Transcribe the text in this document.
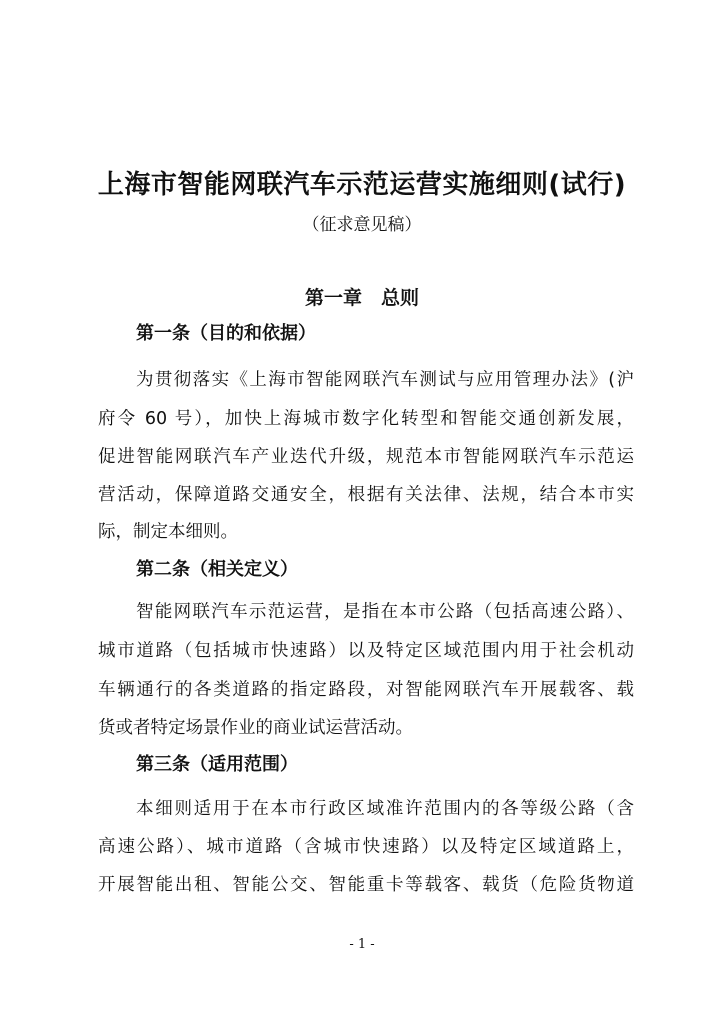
上海市智能网联汽车示范运营实施细则(试行)
（征求意见稿）
第一章　总则
第一条（目的和依据）
为贯彻落实《上海市智能网联汽车测试与应用管理办法》(沪
府令 60 号），加快上海城市数字化转型和智能交通创新发展，
促进智能网联汽车产业迭代升级，规范本市智能网联汽车示范运
营活动，保障道路交通安全，根据有关法律、法规，结合本市实
际，制定本细则。
第二条（相关定义）
智能网联汽车示范运营，是指在本市公路（包括高速公路）、
城市道路（包括城市快速路）以及特定区域范围内用于社会机动
车辆通行的各类道路的指定路段，对智能网联汽车开展载客、载
货或者特定场景作业的商业试运营活动。
第三条（适用范围）
本细则适用于在本市行政区域准许范围内的各等级公路（含
高速公路）、城市道路（含城市快速路）以及特定区域道路上，
开展智能出租、智能公交、智能重卡等载客、载货（危险货物道
- 1 -
